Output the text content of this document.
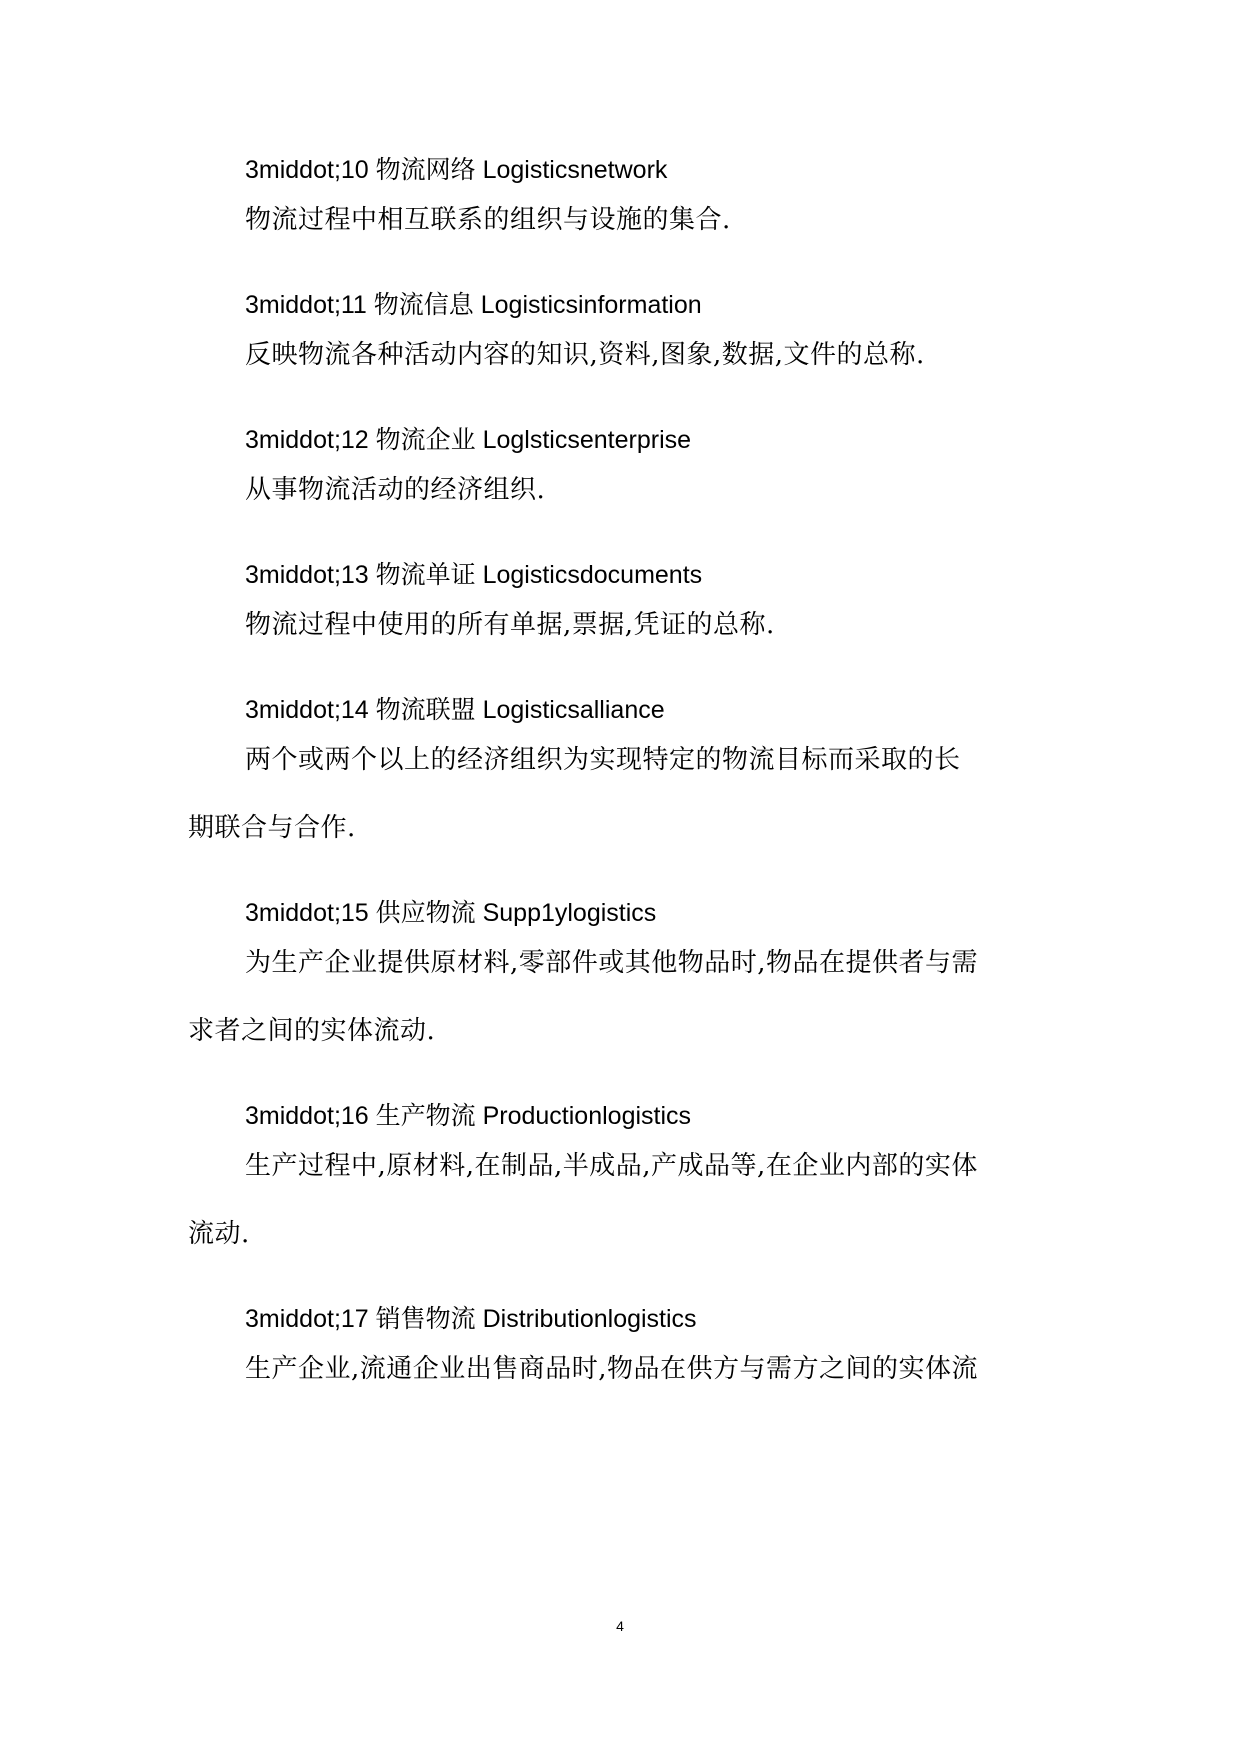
3middot;10 物流网络 Logisticsnetwork
物流过程中相互联系的组织与设施的集合.
3middot;11 物流信息 Logisticsinformation
反映物流各种活动内容的知识,资料,图象,数据,文件的总称.
3middot;12 物流企业 Loglsticsenterprise
从事物流活动的经济组织.
3middot;13 物流单证 Logisticsdocuments
物流过程中使用的所有单据,票据,凭证的总称.
3middot;14 物流联盟 Logisticsalliance
两个或两个以上的经济组织为实现特定的物流目标而采取的长
期联合与合作.
3middot;15 供应物流 Supp1ylogistics
为生产企业提供原材料,零部件或其他物品时,物品在提供者与需
求者之间的实体流动.
3middot;16 生产物流 Productionlogistics
生产过程中,原材料,在制品,半成品,产成品等,在企业内部的实体
流动.
3middot;17 销售物流 Distributionlogistics
生产企业,流通企业出售商品时,物品在供方与需方之间的实体流
4
